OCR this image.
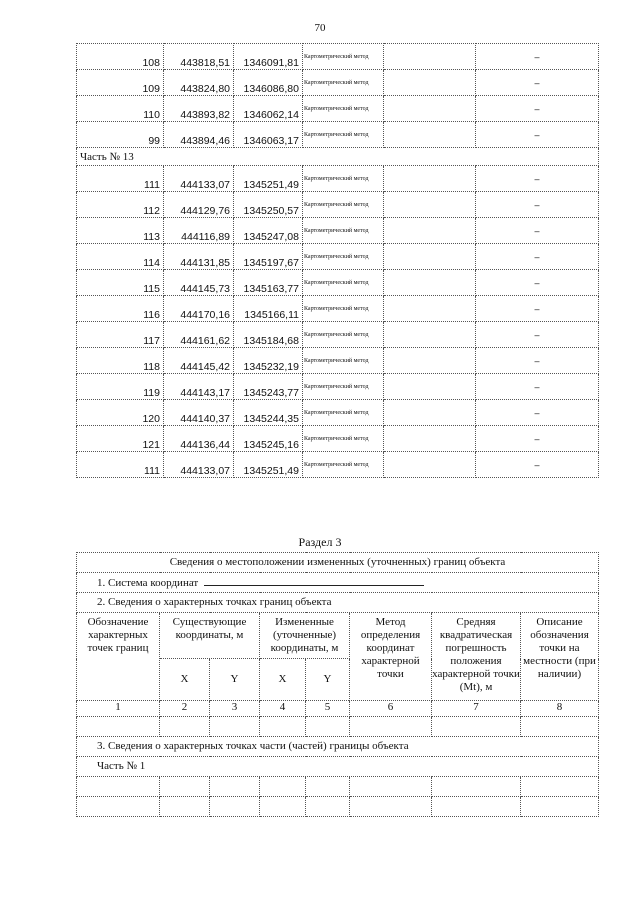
70
108	443818,51	1346091,81	Картометрический метод		–
109	443824,80	1346086,80	Картометрический метод		–
110	443893,82	1346062,14	Картометрический метод		–
99	443894,46	1346063,17	Картометрический метод		–
Часть № 13					
111	444133,07	1345251,49	Картометрический метод		–
112	444129,76	1345250,57	Картометрический метод		–
113	444116,89	1345247,08	Картометрический метод		–
114	444131,85	1345197,67	Картометрический метод		–
115	444145,73	1345163,77	Картометрический метод		–
116	444170,16	1345166,11	Картометрический метод		–
117	444161,62	1345184,68	Картометрический метод		–
118	444145,42	1345232,19	Картометрический метод		–
119	444143,17	1345243,77	Картометрический метод		–
120	444140,37	1345244,35	Картометрический метод		–
121	444136,44	1345245,16	Картометрический метод		–
111	444133,07	1345251,49	Картометрический метод		–
Раздел 3
Сведения о местоположении измененных (уточненных) границ объекта							
1. Система координат							
2. Сведения о характерных точках границ объекта							
Обозначение характерных точек границ	Существующие координаты, м		Измененные (уточненные) координаты, м		Метод определения координат характерной точки	Средняя квадратическая погрешность положения характерной точки (Mt), м	Описание обозначения точки на местности (при наличии)
	X	Y	X	Y			
1	2	3	4	5	6	7	8

3. Сведения о характерных точках части (частей) границы объекта							
Часть № 1							
